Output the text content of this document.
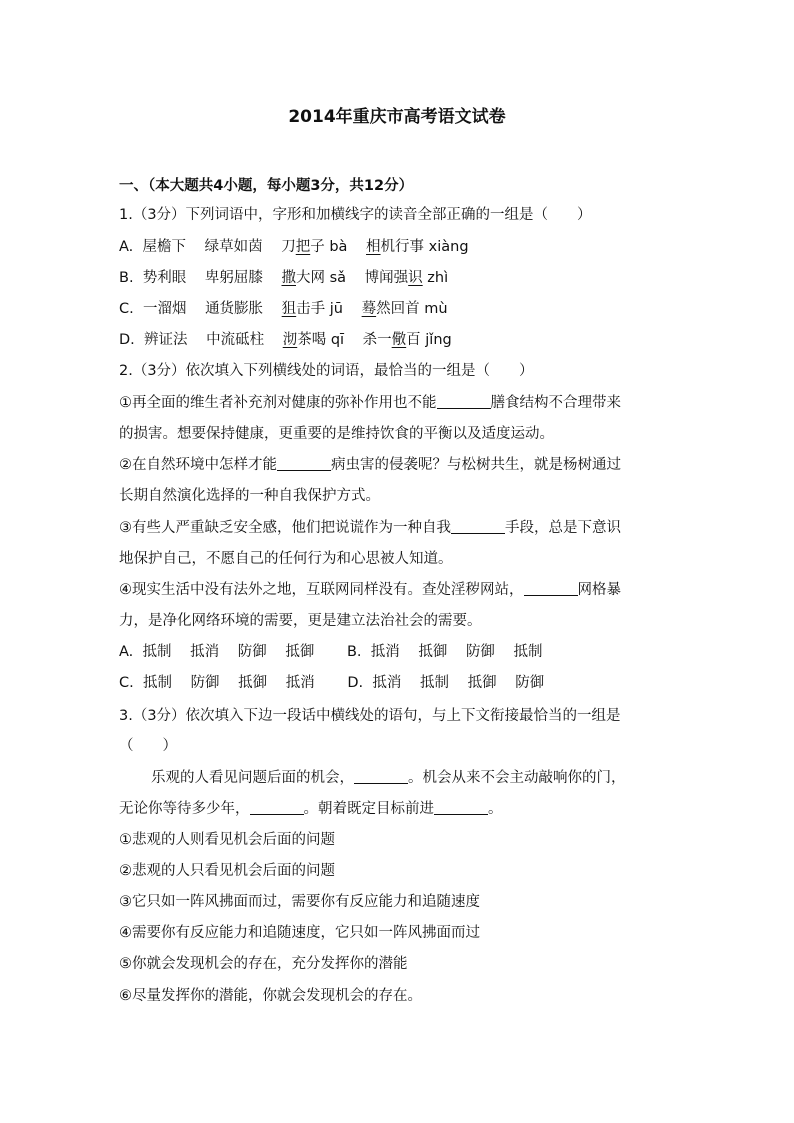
2014年重庆市高考语文试卷
一、（本大题共4小题，每小题3分，共12分）
1.（3分）下列词语中，字形和加横线字的读音全部正确的一组是（　　）
A. 屋檐下 绿草如茵 刀把子 bà 相机行事 xiàng
B. 势利眼 卑躬屈膝 撒大网 sǎ 博闻强识 zhì
C. 一溜烟 通货膨胀 狙击手 jū 蓦然回首 mù
D. 辨证法 中流砥柱 沏茶喝 qī 杀一儆百 jǐng
2.（3分）依次填入下列横线处的词语，最恰当的一组是（　　）
①再全面的维生者补充剂对健康的弥补作用也不能	膳食结构不合理带来
的损害。想要保持健康，更重要的是维持饮食的平衡以及适度运动。
②在自然环境中怎样才能	病虫害的侵袭呢？与松树共生，就是杨树通过
长期自然演化选择的一种自我保护方式。
③有些人严重缺乏安全感，他们把说谎作为一种自我	手段，总是下意识
地保护自己，不愿自己的任何行为和心思被人知道。
④现实生活中没有法外之地，互联网同样没有。查处淫秽网站，	网格暴
力，是净化网络环境的需要，更是建立法治社会的需要。
A. 抵制 抵消 防御 抵御 B. 抵消 抵御 防御 抵制
C. 抵制 防御 抵御 抵消 D. 抵消 抵制 抵御 防御
3.（3分）依次填入下边一段话中横线处的语句，与上下文衔接最恰当的一组是
（　　）
乐观的人看见问题后面的机会，	。机会从来不会主动敲响你的门，
无论你等待多少年，	。朝着既定目标前进	。
①悲观的人则看见机会后面的问题
②悲观的人只看见机会后面的问题
③它只如一阵风拂面而过，需要你有反应能力和追随速度
④需要你有反应能力和追随速度，它只如一阵风拂面而过
⑤你就会发现机会的存在，充分发挥你的潜能
⑥尽量发挥你的潜能，你就会发现机会的存在。
